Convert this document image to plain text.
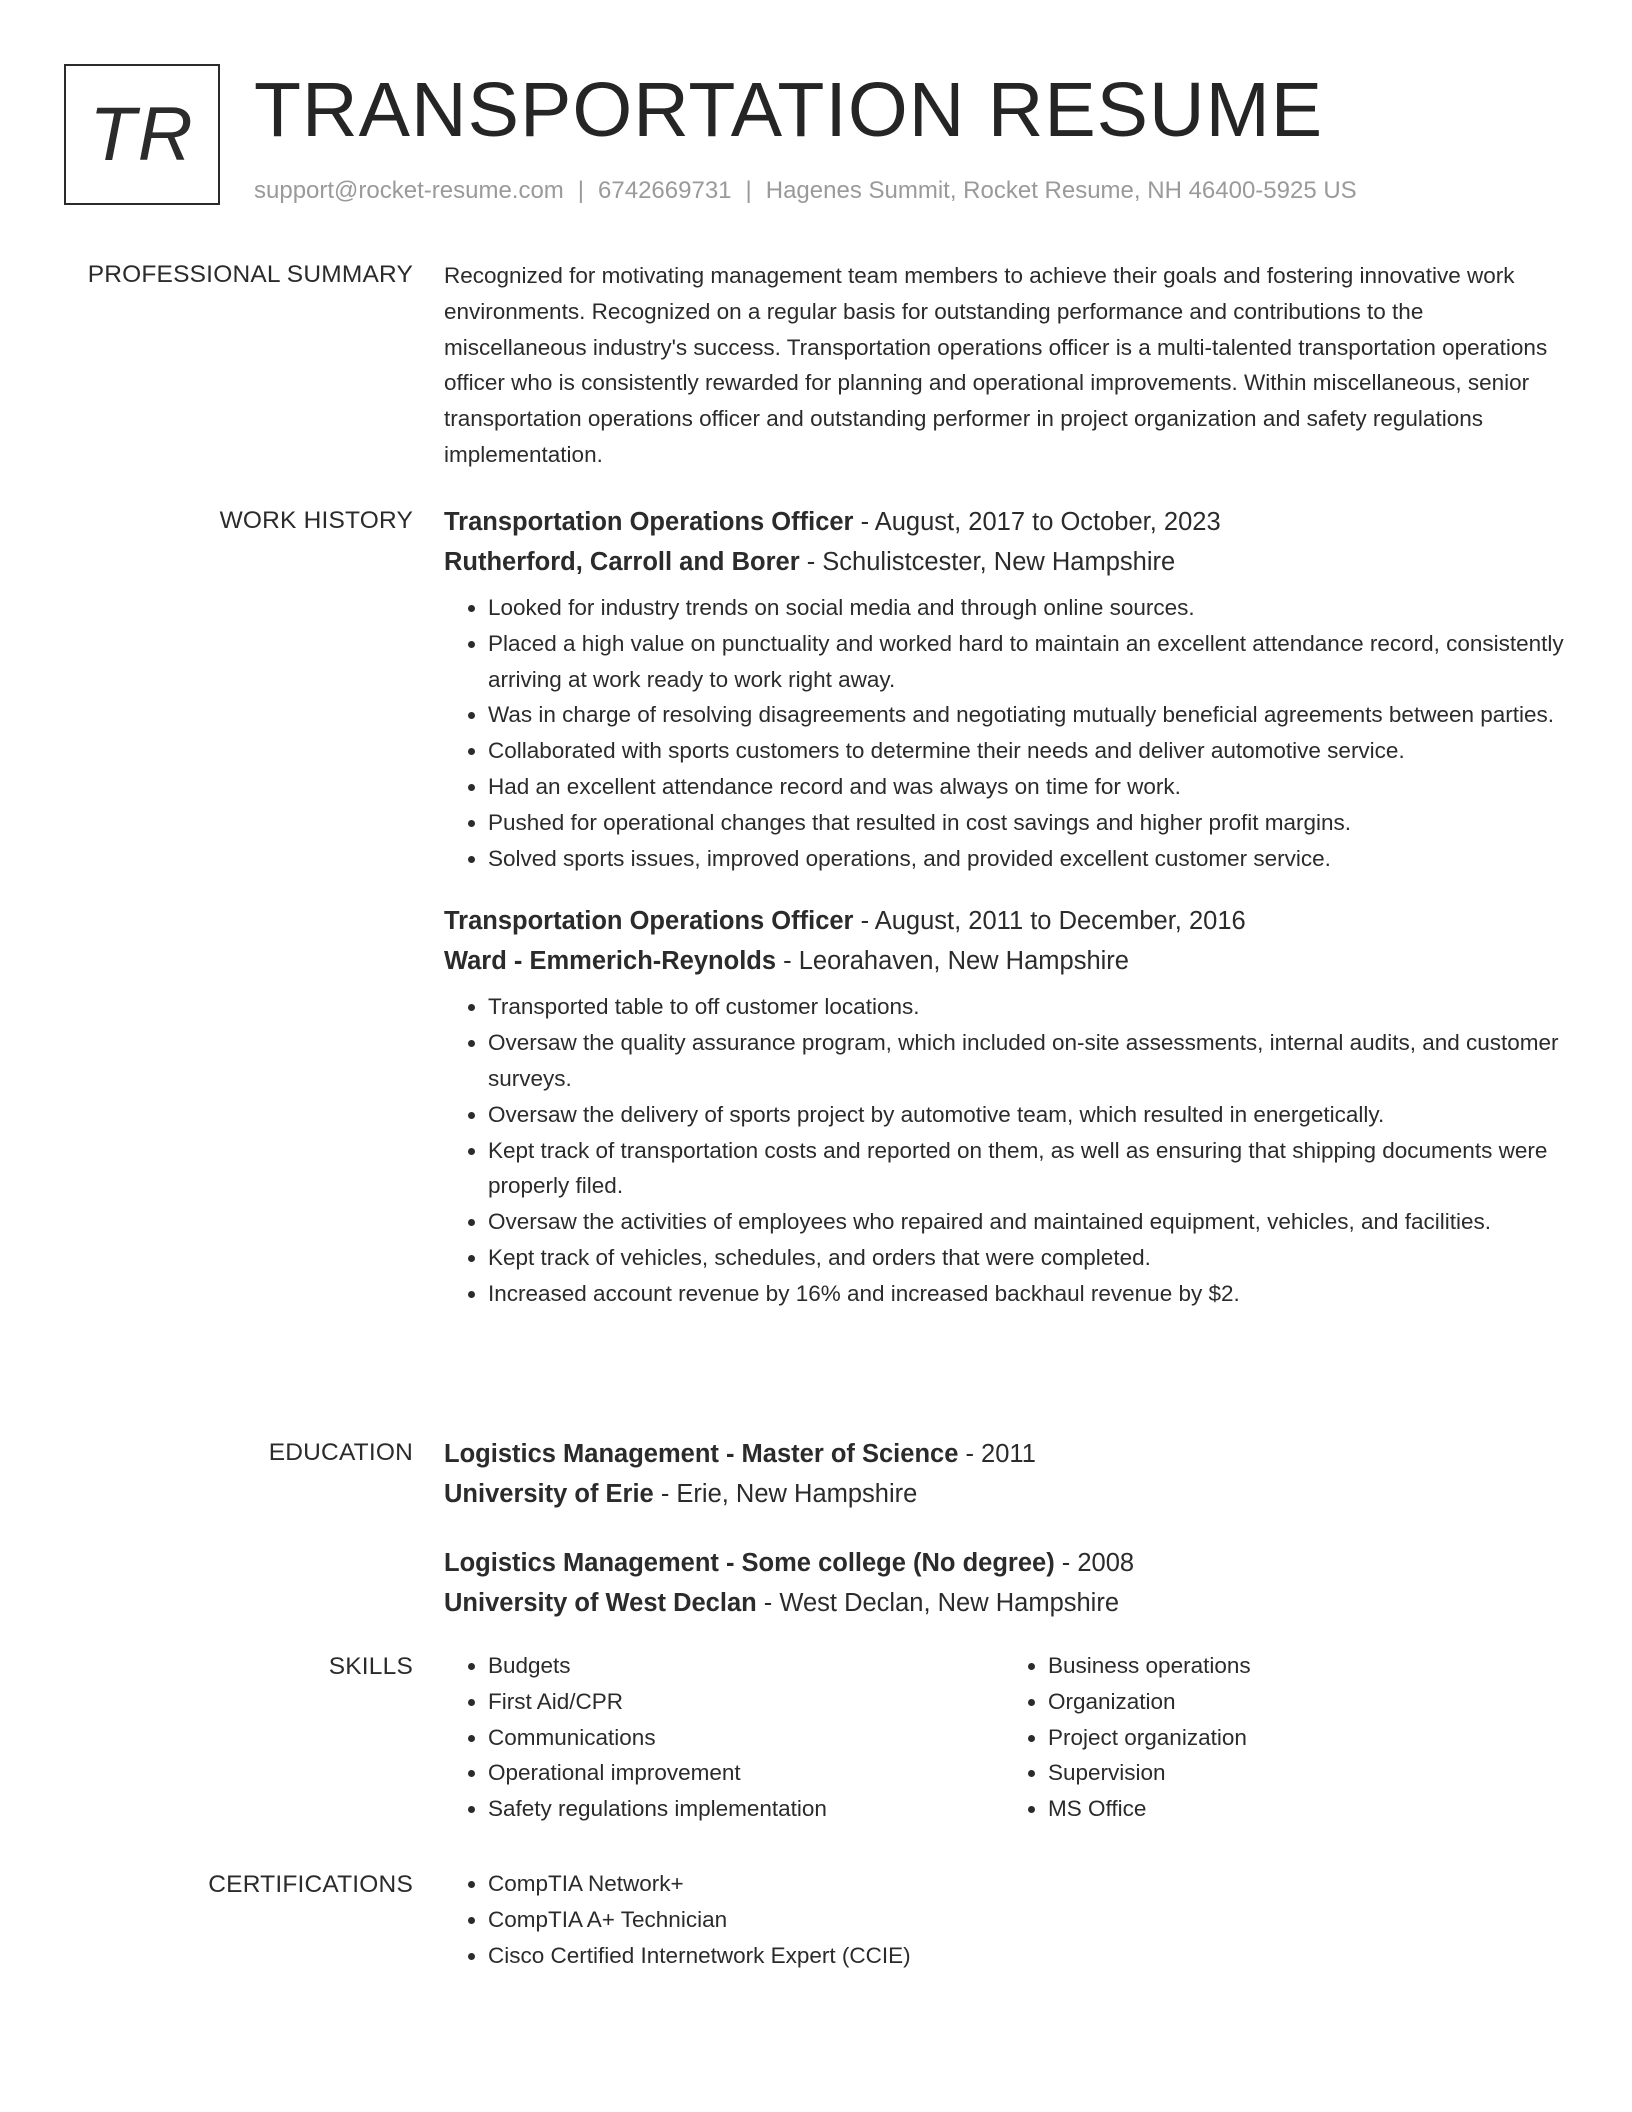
TR TRANSPORTATION RESUME
support@rocket-resume.com | 6742669731 | Hagenes Summit, Rocket Resume, NH 46400-5925 US
PROFESSIONAL SUMMARY Recognized for motivating management team members to achieve their goals and fostering innovative work environments. Recognized on a regular basis for outstanding performance and contributions to the miscellaneous industry's success. Transportation operations officer is a multi-talented transportation operations officer who is consistently rewarded for planning and operational improvements. Within miscellaneous, senior transportation operations officer and outstanding performer in project organization and safety regulations implementation.

WORK HISTORY Transportation Operations Officer - August, 2017 to October, 2023
Rutherford, Carroll and Borer - Schulistcester, New Hampshire
• Looked for industry trends on social media and through online sources.
• Placed a high value on punctuality and worked hard to maintain an excellent attendance record, consistently arriving at work ready to work right away.
• Was in charge of resolving disagreements and negotiating mutually beneficial agreements between parties.
• Collaborated with sports customers to determine their needs and deliver automotive service.
• Had an excellent attendance record and was always on time for work.
• Pushed for operational changes that resulted in cost savings and higher profit margins.
• Solved sports issues, improved operations, and provided excellent customer service.
Transportation Operations Officer - August, 2011 to December, 2016
Ward - Emmerich-Reynolds - Leorahaven, New Hampshire
• Transported table to off customer locations.
• Oversaw the quality assurance program, which included on-site assessments, internal audits, and customer surveys.
• Oversaw the delivery of sports project by automotive team, which resulted in energetically.
• Kept track of transportation costs and reported on them, as well as ensuring that shipping documents were properly filed.
• Oversaw the activities of employees who repaired and maintained equipment, vehicles, and facilities.
• Kept track of vehicles, schedules, and orders that were completed.
• Increased account revenue by 16% and increased backhaul revenue by $2.
EDUCATION Logistics Management - Master of Science - 2011
University of Erie - Erie, New Hampshire
Logistics Management - Some college (No degree) - 2008
University of West Declan - West Declan, New Hampshire
SKILLS	• Budgets
• First Aid/CPR
• Communications
• Operational improvement
• Safety regulations implementation
• Business operations
• Organization
• Project organization
• Supervision
• MS Office
CERTIFICATIONS	• CompTIA Network+
• CompTIA A+ Technician
• Cisco Certified Internetwork Expert (CCIE)
